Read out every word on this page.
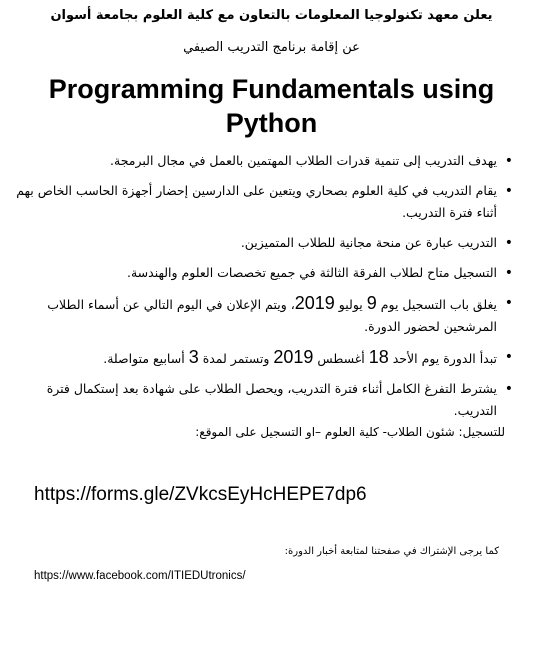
يعلن معهد تكنولوجيا المعلومات بالتعاون مع كلية العلوم بجامعة أسوان
عن إقامة برنامج التدريب الصيفي
Programming Fundamentals using
Python
• يهدف التدريب إلى تنمية قدرات الطلاب المهتمين بالعمل في مجال البرمجة.
• يقام التدريب في كلية العلوم بصحاري ويتعين على الدارسين إحضار أجهزة الحاسب الخاص بهم أثناء فترة التدريب.
• التدريب عبارة عن منحة مجانية للطلاب المتميزين.
• التسجيل متاح لطلاب الفرقة الثالثة في جميع تخصصات العلوم والهندسة.
• يغلق باب التسجيل يوم 9 يوليو 2019، ويتم الإعلان في اليوم التالي عن أسماء الطلاب المرشحين لحضور الدورة.
• تبدأ الدورة يوم الأحد 18 أغسطس 2019 وتستمر لمدة 3 أسابيع متواصلة.
• يشترط التفرغ الكامل أثناء فترة التدريب، ويحصل الطلاب على شهادة بعد إستكمال فترة التدريب.
للتسجيل: شئون الطلاب- كلية العلوم –او التسجيل على الموقع:
https://forms.gle/ZVkcsEyHcHEPE7dp6
كما يرجى الإشتراك في صفحتنا لمتابعة أخبار الدورة:
https://www.facebook.com/ITIEDUtronics/
